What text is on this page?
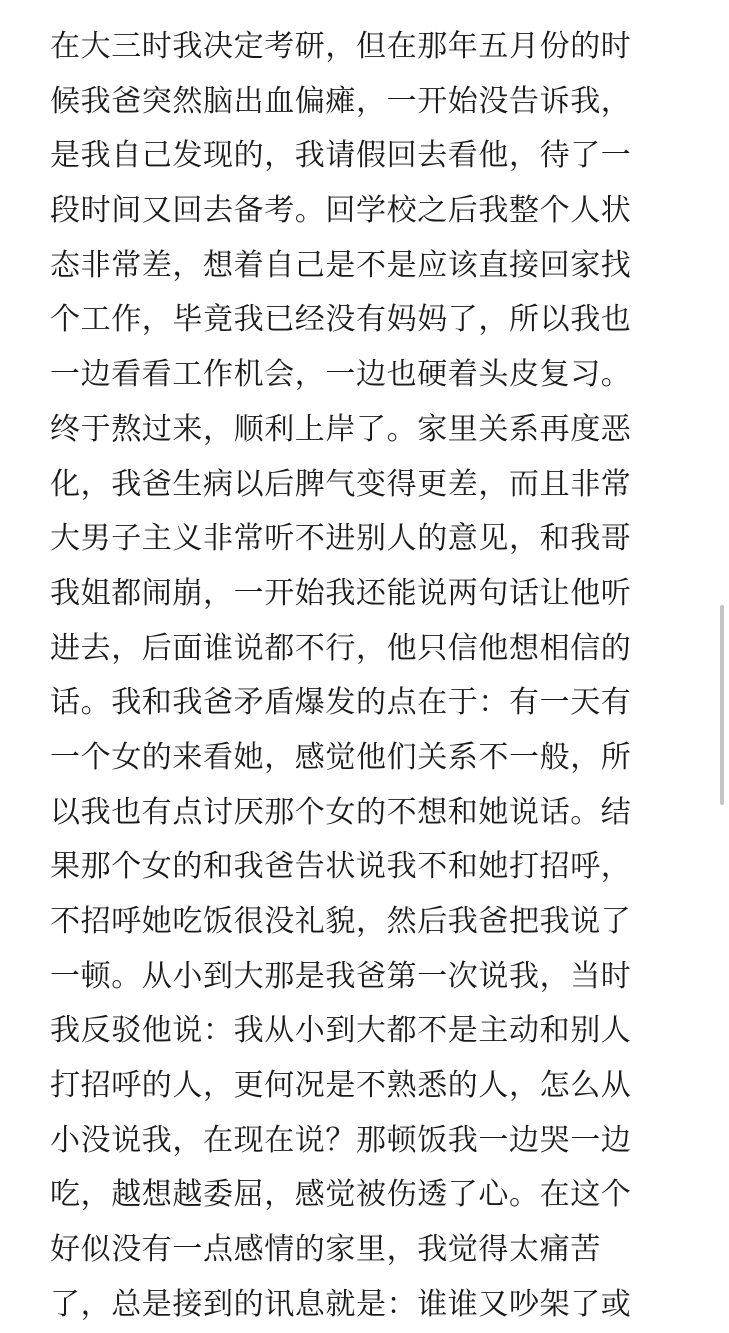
在大三时我决定考研，但在那年五月份的时
候我爸突然脑出血偏瘫，一开始没告诉我，
是我自己发现的，我请假回去看他，待了一
段时间又回去备考。回学校之后我整个人状
态非常差，想着自己是不是应该直接回家找
个工作，毕竟我已经没有妈妈了，所以我也
一边看看工作机会，一边也硬着头皮复习。
终于熬过来，顺利上岸了。家里关系再度恶
化，我爸生病以后脾气变得更差，而且非常
大男子主义非常听不进别人的意见，和我哥
我姐都闹崩，一开始我还能说两句话让他听
进去，后面谁说都不行，他只信他想相信的
话。我和我爸矛盾爆发的点在于：有一天有
一个女的来看她，感觉他们关系不一般，所
以我也有点讨厌那个女的不想和她说话。结
果那个女的和我爸告状说我不和她打招呼，
不招呼她吃饭很没礼貌，然后我爸把我说了
一顿。从小到大那是我爸第一次说我，当时
我反驳他说：我从小到大都不是主动和别人
打招呼的人，更何况是不熟悉的人，怎么从
小没说我，在现在说？那顿饭我一边哭一边
吃，越想越委屈，感觉被伤透了心。在这个
好似没有一点感情的家里，我觉得太痛苦
了，总是接到的讯息就是：谁谁又吵架了或
